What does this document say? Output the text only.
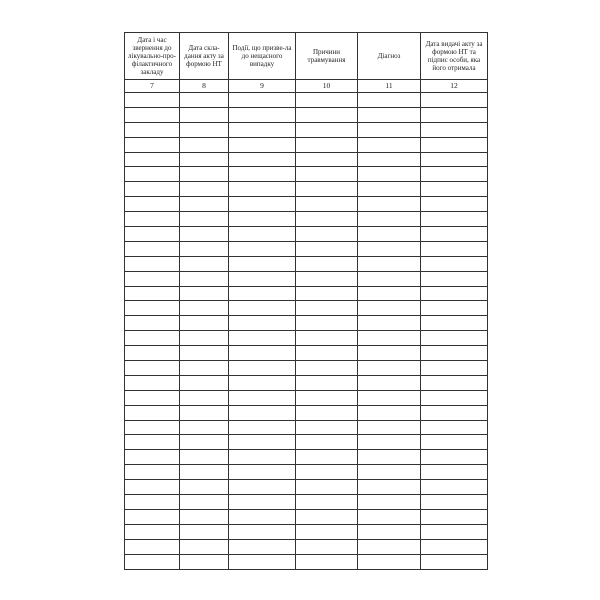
Дата і час звернення до лікувально-про-філактичного закладу	Дата скла-дання акту за формою НТ	Події, що призве-ла до нещасного випадку	Причини травмування	Діагноз	Дата видачі акту за формою НТ та підпис особи, яка його отримала
7	8	9	10	11	12
